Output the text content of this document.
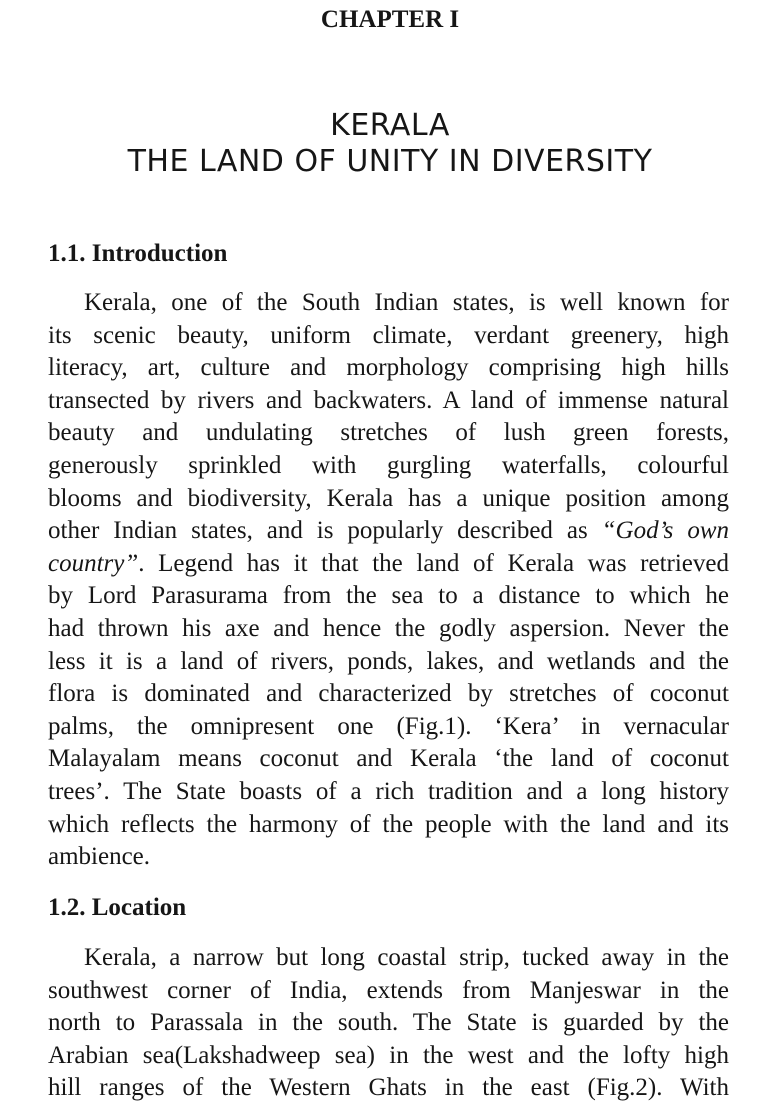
CHAPTER I
KERALA
THE LAND OF UNITY IN DIVERSITY
1.1. Introduction
Kerala, one of the South Indian states, is well known for
its scenic beauty, uniform climate, verdant greenery, high
literacy, art, culture and morphology comprising high hills
transected by rivers and backwaters. A land of immense natural
beauty and undulating stretches of lush green forests,
generously sprinkled with gurgling waterfalls, colourful
blooms and biodiversity, Kerala has a unique position among
other Indian states, and is popularly described as “God’s own
country”. Legend has it that the land of Kerala was retrieved
by Lord Parasurama from the sea to a distance to which he
had thrown his axe and hence the godly aspersion. Never the
less it is a land of rivers, ponds, lakes, and wetlands and the
flora is dominated and characterized by stretches of coconut
palms, the omnipresent one (Fig.1). ‘Kera’ in vernacular
Malayalam means coconut and Kerala ‘the land of coconut
trees’. The State boasts of a rich tradition and a long history
which reflects the harmony of the people with the land and its
ambience.
1.2. Location
Kerala, a narrow but long coastal strip, tucked away in the
southwest corner of India, extends from Manjeswar in the
north to Parassala in the south. The State is guarded by the
Arabian sea(Lakshadweep sea) in the west and the lofty high
hill ranges of the Western Ghats in the east (Fig.2). With
